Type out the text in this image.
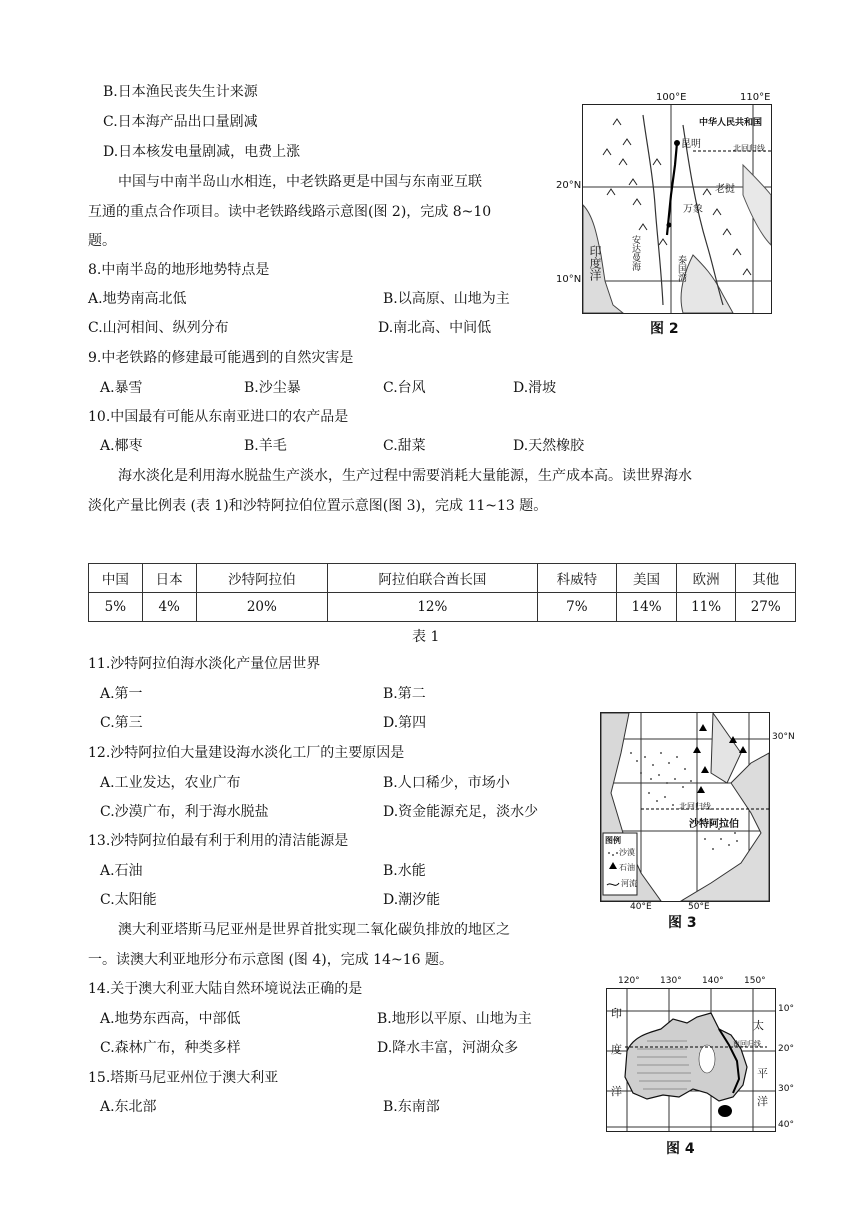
B.日本渔民丧失生计来源
C.日本海产品出口量剧减
D.日本核发电量剧减，电费上涨
中国与中南半岛山水相连，中老铁路更是中国与东南亚互联
互通的重点合作项目。读中老铁路线路示意图(图 2)，完成 8~10
题。
8.中南半岛的地形地势特点是
A.地势南高北低	B.以高原、山地为主
C.山河相间、纵列分布	D.南北高、中间低
9.中老铁路的修建最可能遇到的自然灾害是
A.暴雪	B.沙尘暴	C.台风	D.滑坡
10.中国最有可能从东南亚进口的农产品是
A.椰枣	B.羊毛	C.甜菜	D.天然橡胶
海水淡化是利用海水脱盐生产淡水，生产过程中需要消耗大量能源，生产成本高。读世界海水
淡化产量比例表 (表 1)和沙特阿拉伯位置示意图(图 3)，完成 11~13 题。
中国	日本	沙特阿拉伯	阿拉伯联合酋长国	科威特	美国	欧洲	其他
5%	4%	20%	12%	7%	14%	11%	27%
表 1
11.沙特阿拉伯海水淡化产量位居世界
A.第一	B.第二
C.第三	D.第四
12.沙特阿拉伯大量建设海水淡化工厂的主要原因是
A.工业发达，农业广布	B.人口稀少，市场小
C.沙漠广布，利于海水脱盐	D.资金能源充足，淡水少
13.沙特阿拉伯最有利于利用的清洁能源是
A.石油	B.水能
C.太阳能	D.潮汐能
澳大利亚塔斯马尼亚州是世界首批实现二氧化碳负排放的地区之
一。读澳大利亚地形分布示意图 (图 4)，完成 14~16 题。
14.关于澳大利亚大陆自然环境说法正确的是
A.地势东西高，中部低	B.地形以平原、山地为主
C.森林广布，种类多样	D.降水丰富，河湖众多
15.塔斯马尼亚州位于澳大利亚
A.东北部	B.东南部
中华人民共和国
昆明	北回归线
万象
老挝
印度洋	安达曼海	泰国湾
100°E	110°E
20°N
10°N
图 2
图例
沙漠
石油
河流
北回归线
沙特阿拉伯
30°N
40°E	50°E
图 3
印
度
洋
太
平
洋
南回归线
120° 130° 140° 150°
10°
20°
30°
40°
图 4
